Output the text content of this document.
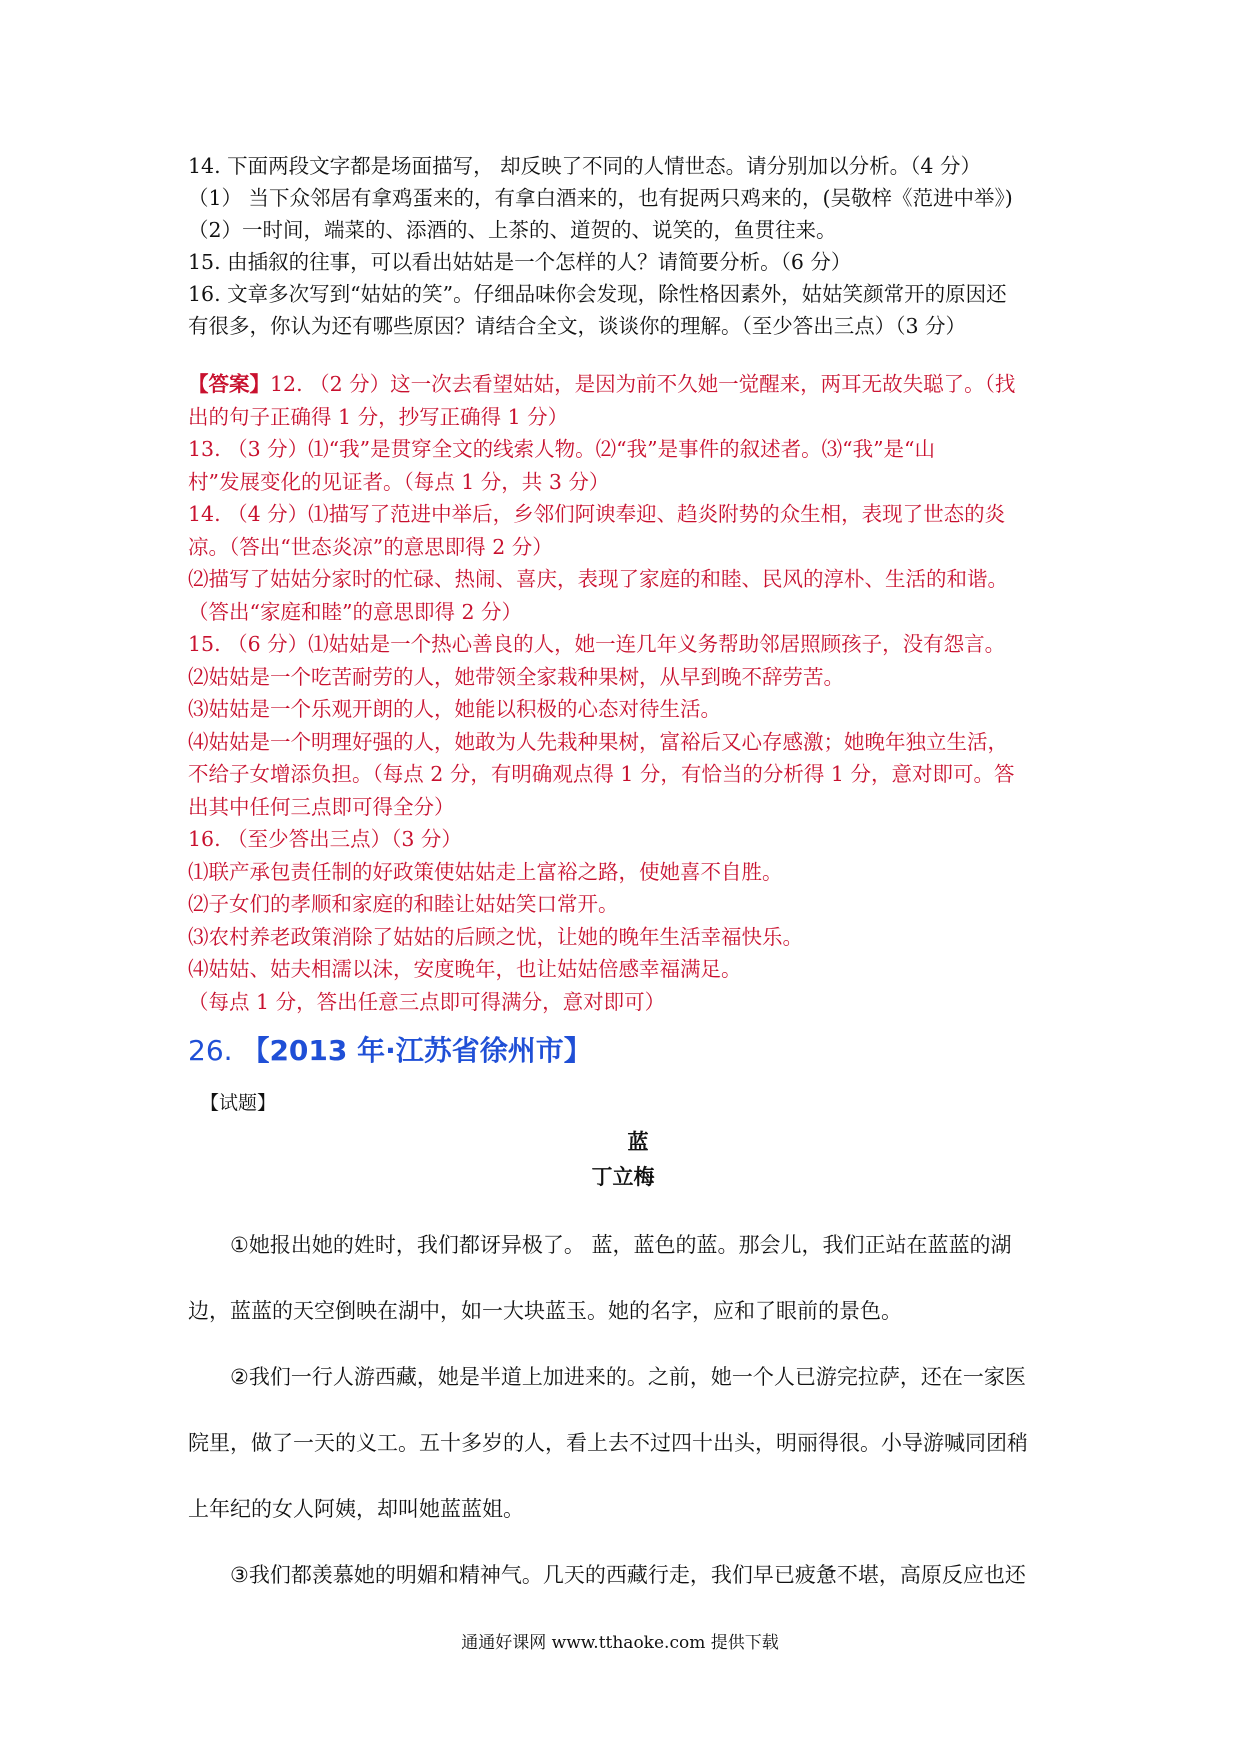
14. 下面两段文字都是场面描写， 却反映了不同的人情世态。请分别加以分析。（4 分）

（1） 当下众邻居有拿鸡蛋来的，有拿白酒来的，也有捉两只鸡来的，(吴敬梓《范进中举》)

（2）一时间，端菜的、添酒的、上茶的、道贺的、说笑的，鱼贯往来。

15. 由插叙的往事，可以看出姑姑是一个怎样的人？请简要分析。（6 分）

16. 文章多次写到“姑姑的笑”。仔细品味你会发现，除性格因素外，姑姑笑颜常开的原因还

有很多，你认为还有哪些原因？请结合全文，谈谈你的理解。（至少答出三点）（3 分）

【答案】12. （2 分）这一次去看望姑姑，是因为前不久她一觉醒来，两耳无故失聪了。（找

出的句子正确得 1 分，抄写正确得 1 分）

13. （3 分）⑴“我”是贯穿全文的线索人物。⑵“我”是事件的叙述者。⑶“我”是“山

村”发展变化的见证者。（每点 1 分，共 3 分）

14. （4 分）⑴描写了范进中举后，乡邻们阿谀奉迎、趋炎附势的众生相，表现了世态的炎

凉。（答出“世态炎凉”的意思即得 2 分）

⑵描写了姑姑分家时的忙碌、热闹、喜庆，表现了家庭的和睦、民风的淳朴、生活的和谐。

（答出“家庭和睦”的意思即得 2 分）

15. （6 分）⑴姑姑是一个热心善良的人，她一连几年义务帮助邻居照顾孩子，没有怨言。

⑵姑姑是一个吃苦耐劳的人，她带领全家栽种果树，从早到晚不辞劳苦。

⑶姑姑是一个乐观开朗的人，她能以积极的心态对待生活。

⑷姑姑是一个明理好强的人，她敢为人先栽种果树，富裕后又心存感激；她晚年独立生活，

不给子女增添负担。（每点 2 分，有明确观点得 1 分，有恰当的分析得 1 分，意对即可。答

出其中任何三点即可得全分）

16. （至少答出三点）（3 分）

⑴联产承包责任制的好政策使姑姑走上富裕之路，使她喜不自胜。

⑵子女们的孝顺和家庭的和睦让姑姑笑口常开。

⑶农村养老政策消除了姑姑的后顾之忧，让她的晚年生活幸福快乐。

⑷姑姑、姑夫相濡以沫，安度晚年，也让姑姑倍感幸福满足。

（每点 1 分，答出任意三点即可得满分，意对即可）

26. 【2013 年·江苏省徐州市】
【试题】
蓝
丁立梅

①她报出她的姓时，我们都讶异极了。 蓝，蓝色的蓝。那会儿，我们正站在蓝蓝的湖

边，蓝蓝的天空倒映在湖中，如一大块蓝玉。她的名字，应和了眼前的景色。

②我们一行人游西藏，她是半道上加进来的。之前，她一个人已游完拉萨，还在一家医

院里，做了一天的义工。五十多岁的人，看上去不过四十出头，明丽得很。小导游喊同团稍

上年纪的女人阿姨，却叫她蓝蓝姐。

③我们都羡慕她的明媚和精神气。几天的西藏行走，我们早已疲惫不堪，高原反应也还

通通好课网 www.tthaoke.com 提供下载
